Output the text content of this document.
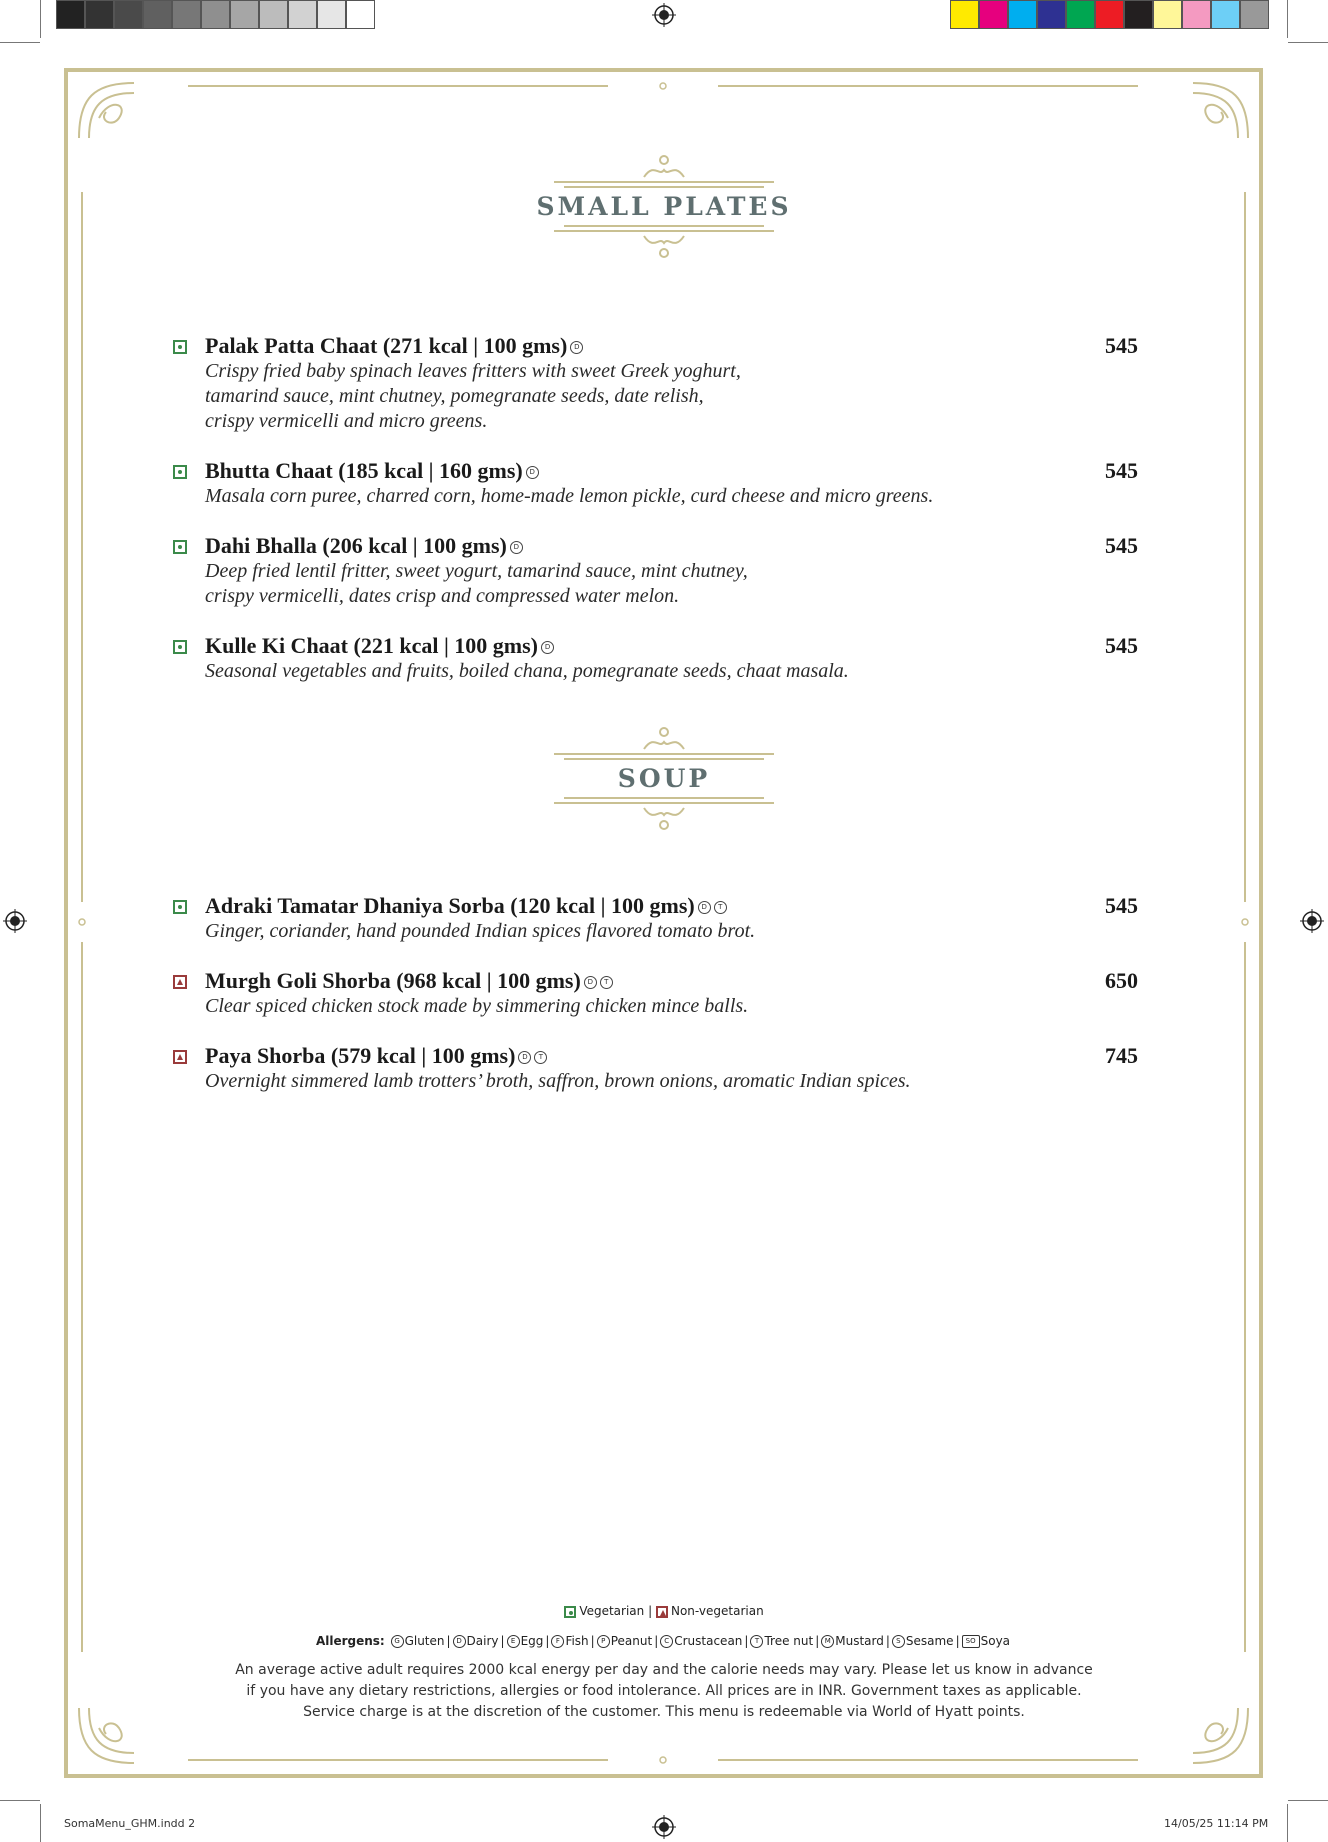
SMALL PLATES
Palak Patta Chaat (271 kcal | 100 gms) D
Crispy fried baby spinach leaves fritters with sweet Greek yoghurt,
tamarind sauce, mint chutney, pomegranate seeds, date relish,
crispy vermicelli and micro greens.
545
Bhutta Chaat (185 kcal | 160 gms) D
Masala corn puree, charred corn, home-made lemon pickle, curd cheese and micro greens.
545
Dahi Bhalla (206 kcal | 100 gms) D
Deep fried lentil fritter, sweet yogurt, tamarind sauce, mint chutney,
crispy vermicelli, dates crisp and compressed water melon.
545
Kulle Ki Chaat (221 kcal | 100 gms) D
Seasonal vegetables and fruits, boiled chana, pomegranate seeds, chaat masala.
545
SOUP
Adraki Tamatar Dhaniya Sorba (120 kcal | 100 gms) D T
Ginger, coriander, hand pounded Indian spices flavored tomato brot.
545
Murgh Goli Shorba (968 kcal | 100 gms) D T
Clear spiced chicken stock made by simmering chicken mince balls.
650
Paya Shorba (579 kcal | 100 gms) D T
Overnight simmered lamb trotters’ broth, saffron, brown onions, aromatic Indian spices.
745
Vegetarian | Non-vegetarian
Allergens: G Gluten | D Dairy | E Egg | F Fish | P Peanut | C Crustacean | T Tree nut | M Mustard | S Sesame | SO Soya
An average active adult requires 2000 kcal energy per day and the calorie needs may vary. Please let us know in advance
if you have any dietary restrictions, allergies or food intolerance. All prices are in INR. Government taxes as applicable.
Service charge is at the discretion of the customer. This menu is redeemable via World of Hyatt points.
SomaMenu_GHM.indd 2	14/05/25 11:14 PM
